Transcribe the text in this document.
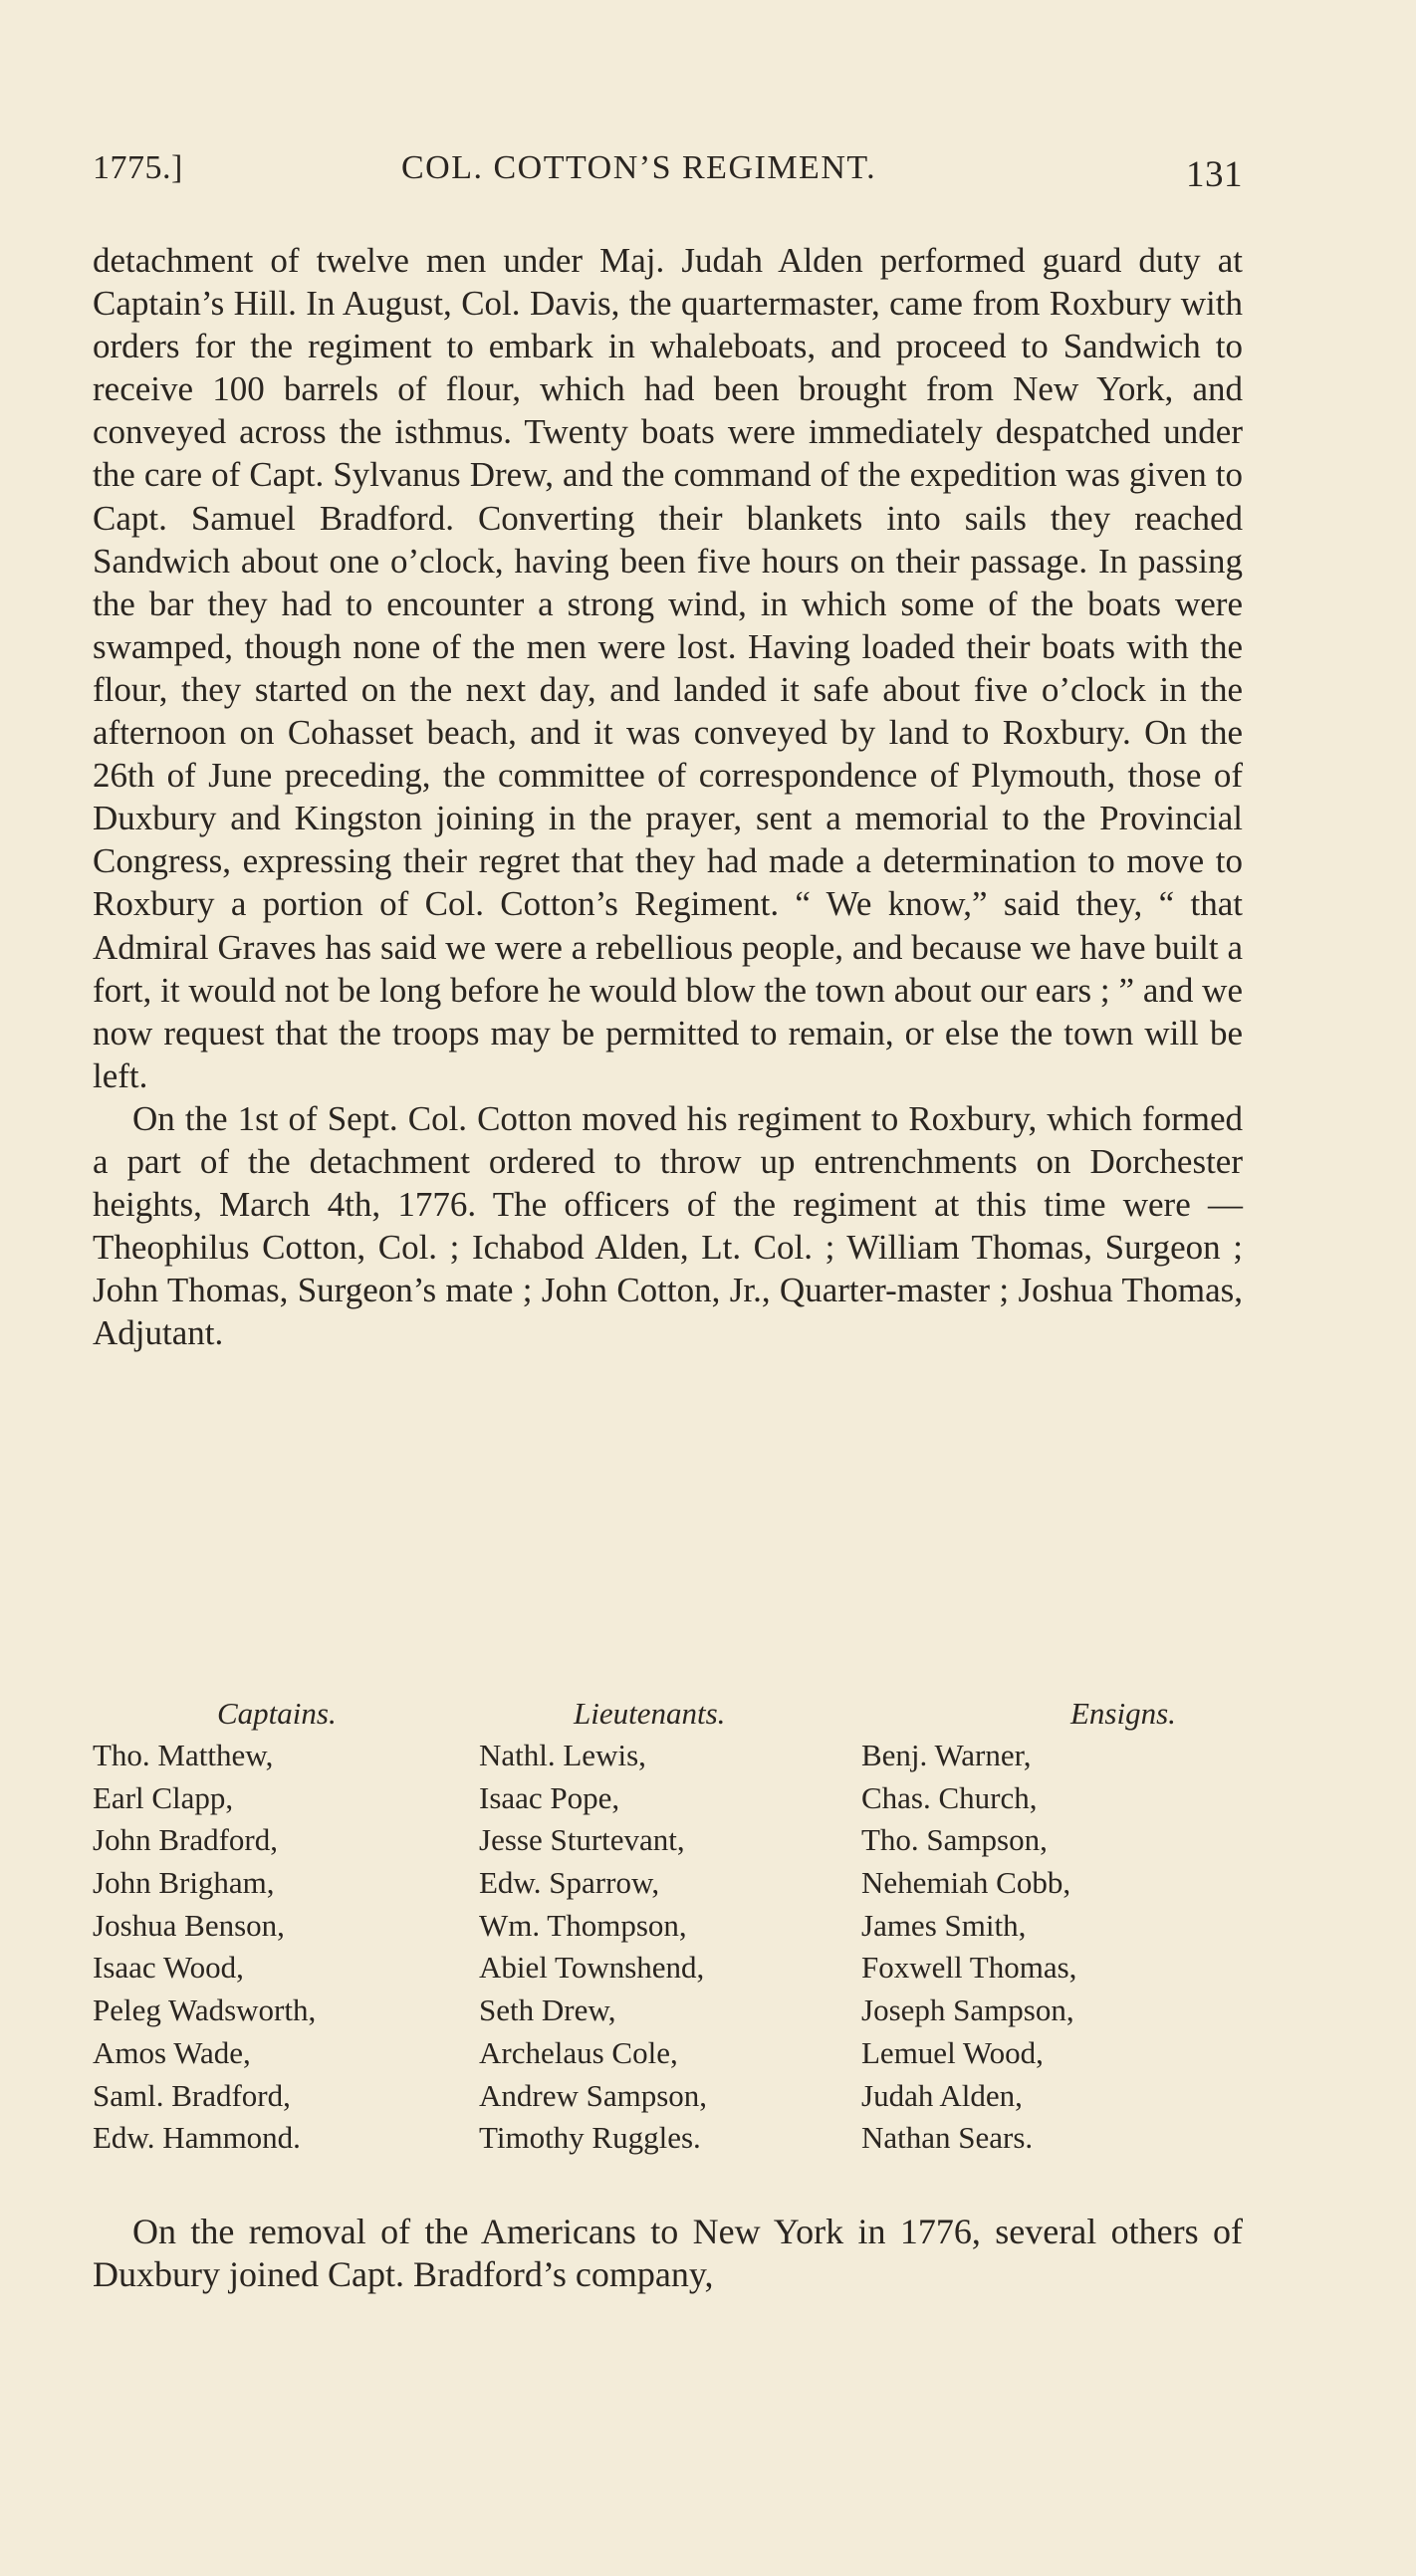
1775.]	COL. COTTON’S REGIMENT.	131

detachment of twelve men under Maj. Judah Alden performed guard duty at Captain’s Hill. In August, Col. Davis, the quartermaster, came from Roxbury with orders for the regiment to embark in whaleboats, and proceed to Sandwich to receive 100 barrels of flour, which had been brought from New York, and conveyed across the isthmus. Twenty boats were immediately despatched under the care of Capt. Sylvanus Drew, and the command of the expedition was given to Capt. Samuel Bradford. Converting their blankets into sails they reached Sandwich about one o’clock, having been five hours on their passage. In passing the bar they had to encounter a strong wind, in which some of the boats were swamped, though none of the men were lost. Having loaded their boats with the flour, they started on the next day, and landed it safe about five o’clock in the afternoon on Cohasset beach, and it was conveyed by land to Roxbury. On the 26th of June preceding, the committee of correspondence of Plymouth, those of Duxbury and Kingston joining in the prayer, sent a memorial to the Provincial Congress, expressing their regret that they had made a determination to move to Roxbury a portion of Col. Cotton’s Regiment. “ We know,” said they, “ that Admiral Graves has said we were a rebellious people, and because we have built a fort, it would not be long before he would blow the town about our ears ; ” and we now request that the troops may be permitted to remain, or else the town will be left.

On the 1st of Sept. Col. Cotton moved his regiment to Roxbury, which formed a part of the detachment ordered to throw up entrenchments on Dorchester heights, March 4th, 1776. The officers of the regiment at this time were — Theophilus Cotton, Col. ; Ichabod Alden, Lt. Col. ; William Thomas, Surgeon ; John Thomas, Surgeon’s mate ; John Cotton, Jr., Quarter-master ; Joshua Thomas, Adjutant.

Captains.
Tho. Matthew,
Earl Clapp,
John Bradford,
John Brigham,
Joshua Benson,
Isaac Wood,
Peleg Wadsworth,
Amos Wade,
Saml. Bradford,
Edw. Hammond.
Lieutenants.
Nathl. Lewis,
Isaac Pope,
Jesse Sturtevant,
Edw. Sparrow,
Wm. Thompson,
Abiel Townshend,
Seth Drew,
Archelaus Cole,
Andrew Sampson,
Timothy Ruggles.
Ensigns.
Benj. Warner,
Chas. Church,
Tho. Sampson,
Nehemiah Cobb,
James Smith,
Foxwell Thomas,
Joseph Sampson,
Lemuel Wood,
Judah Alden,
Nathan Sears.

On the removal of the Americans to New York in 1776, several others of Duxbury joined Capt. Bradford’s company,
